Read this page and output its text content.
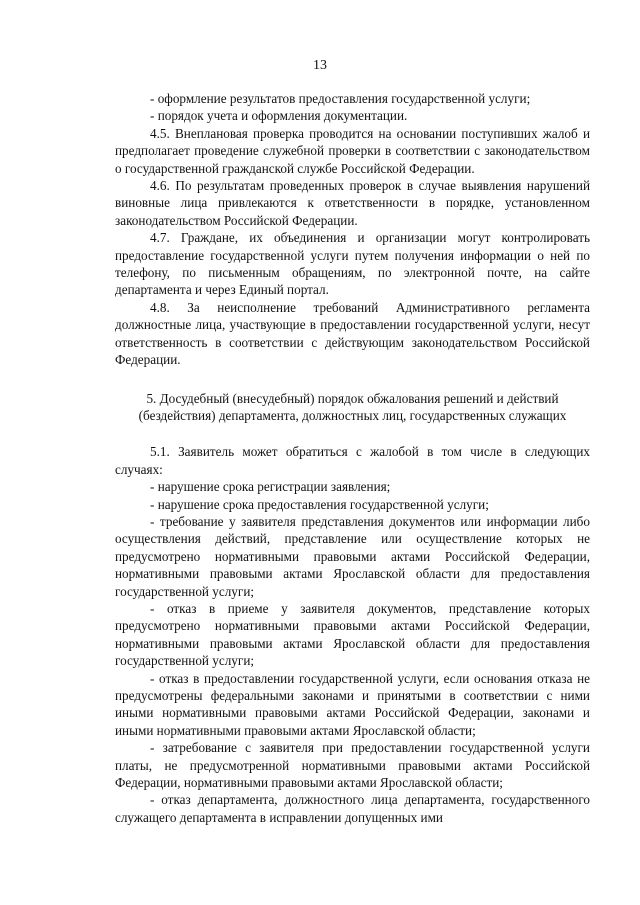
13

- оформление результатов предоставления государственной услуги;

- порядок учета и оформления документации.

4.5. Внеплановая проверка проводится на основании поступивших жалоб и предполагает проведение служебной проверки в соответствии с законодательством о государственной гражданской службе Российской Федерации.

4.6. По результатам проведенных проверок в случае выявления нарушений виновные лица привлекаются к ответственности в порядке, установленном законодательством Российской Федерации.

4.7. Граждане, их объединения и организации могут контролировать предоставление государственной услуги путем получения информации о ней по телефону, по письменным обращениям, по электронной почте, на сайте департамента и через Единый портал.

4.8. За неисполнение требований Административного регламента должностные лица, участвующие в предоставлении государственной услуги, несут ответственность в соответствии с действующим законодательством Российской Федерации.

5. Досудебный (внесудебный) порядок обжалования решений и действий (бездействия) департамента, должностных лиц, государственных служащих

5.1. Заявитель может обратиться с жалобой в том числе в следующих случаях:

- нарушение срока регистрации заявления;

- нарушение срока предоставления государственной услуги;

- требование у заявителя представления документов или информации либо осуществления действий, представление или осуществление которых не предусмотрено нормативными правовыми актами Российской Федерации, нормативными правовыми актами Ярославской области для предоставления государственной услуги;

- отказ в приеме у заявителя документов, представление которых предусмотрено нормативными правовыми актами Российской Федерации, нормативными правовыми актами Ярославской области для предоставления государственной услуги;

- отказ в предоставлении государственной услуги, если основания отказа не предусмотрены федеральными законами и принятыми в соответствии с ними иными нормативными правовыми актами Российской Федерации, законами и иными нормативными правовыми актами Ярославской области;

- затребование с заявителя при предоставлении государственной услуги платы, не предусмотренной нормативными правовыми актами Российской Федерации, нормативными правовыми актами Ярославской области;

- отказ департамента, должностного лица департамента, государственного служащего департамента в исправлении допущенных ими
